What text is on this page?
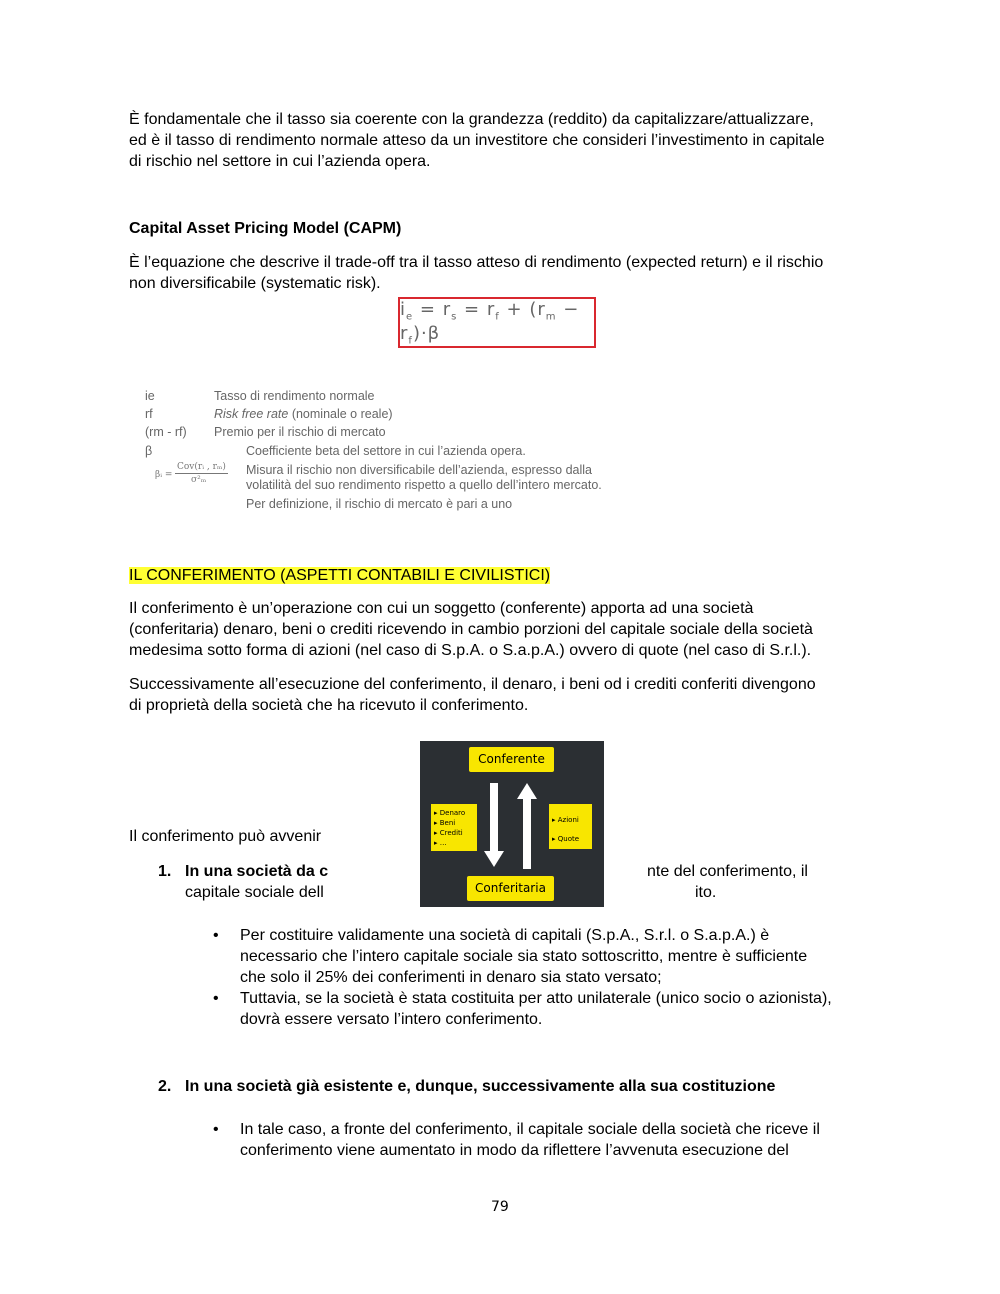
È fondamentale che il tasso sia coerente con la grandezza (reddito) da capitalizzare/attualizzare,
ed è il tasso di rendimento normale atteso da un investitore che consideri l’investimento in capitale
di rischio nel settore in cui l’azienda opera.
Capital Asset Pricing Model (CAPM)
È l’equazione che descrive il trade-off tra il tasso atteso di rendimento (expected return) e il rischio
non diversificabile (systematic risk).
$i_e = r_s = r_f + (r_m - r_f)\cdot\beta$
ie	Tasso di rendimento normale
rf	Risk free rate (nominale o reale)
(rm - rf) Premio per il rischio di mercato
β	Coefficiente beta del settore in cui l’azienda opera.
βᵢ =
Cov(rᵢ , rₘ)
σ²ₘ
Misura il rischio non diversificabile dell’azienda, espresso dalla
volatilità del suo rendimento rispetto a quello dell’intero mercato.
Per definizione, il rischio di mercato è pari a uno
IL CONFERIMENTO (ASPETTI CONTABILI E CIVILISTICI)
Il conferimento è un’operazione con cui un soggetto (conferente) apporta ad una società
(conferitaria) denaro, beni o crediti ricevendo in cambio porzioni del capitale sociale della società
medesima sotto forma di azioni (nel caso di S.p.A. o S.a.p.A.) ovvero di quote (nel caso di S.r.l.).
Successivamente all’esecuzione del conferimento, il denaro, i beni od i crediti conferiti divengono
di proprietà della società che ha ricevuto il conferimento.
Il conferimento può avvenir
1. In una società da c	nte del conferimento, il
capitale sociale dell	ito.
Conferente
▸ Denaro
▸ Beni
▸ Crediti
▸ …
▸ Azioni
▸ Quote
Conferitaria
• Per costituire validamente una società di capitali (S.p.A., S.r.l. o S.a.p.A.) è
necessario che l’intero capitale sociale sia stato sottoscritto, mentre è sufficiente
che solo il 25% dei conferimenti in denaro sia stato versato;
• Tuttavia, se la società è stata costituita per atto unilaterale (unico socio o azionista),
dovrà essere versato l’intero conferimento.
2. In una società già esistente e, dunque, successivamente alla sua costituzione
• In tale caso, a fronte del conferimento, il capitale sociale della società che riceve il
conferimento viene aumentato in modo da riflettere l’avvenuta esecuzione del
79
